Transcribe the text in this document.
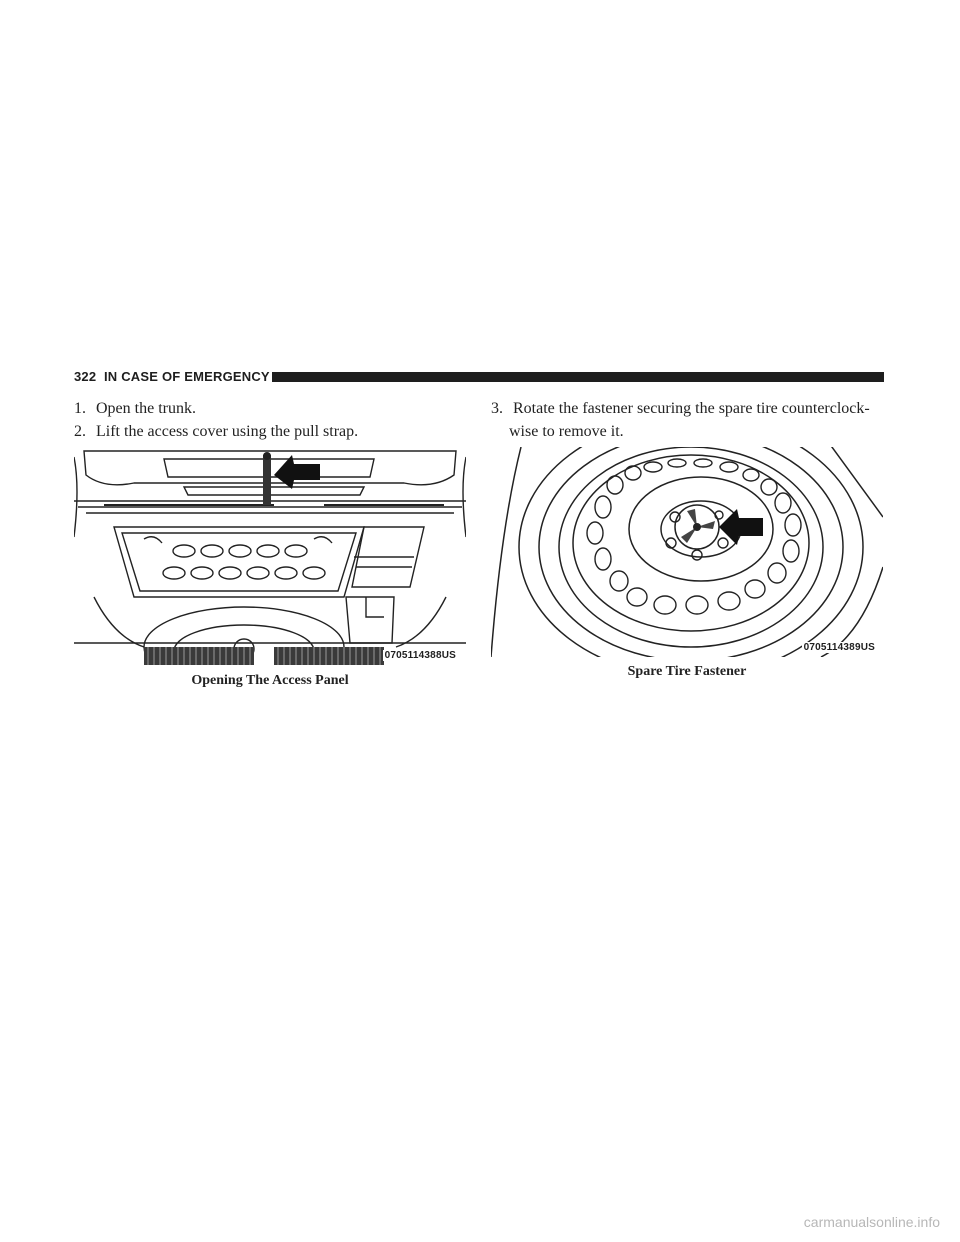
322 IN CASE OF EMERGENCY
1. Open the trunk.
2. Lift the access cover using the pull strap.
0705114388US
Opening The Access Panel
3. Rotate the fastener securing the spare tire counterclock-
wise to remove it.
0705114389US
Spare Tire Fastener
carmanualsonline.info
